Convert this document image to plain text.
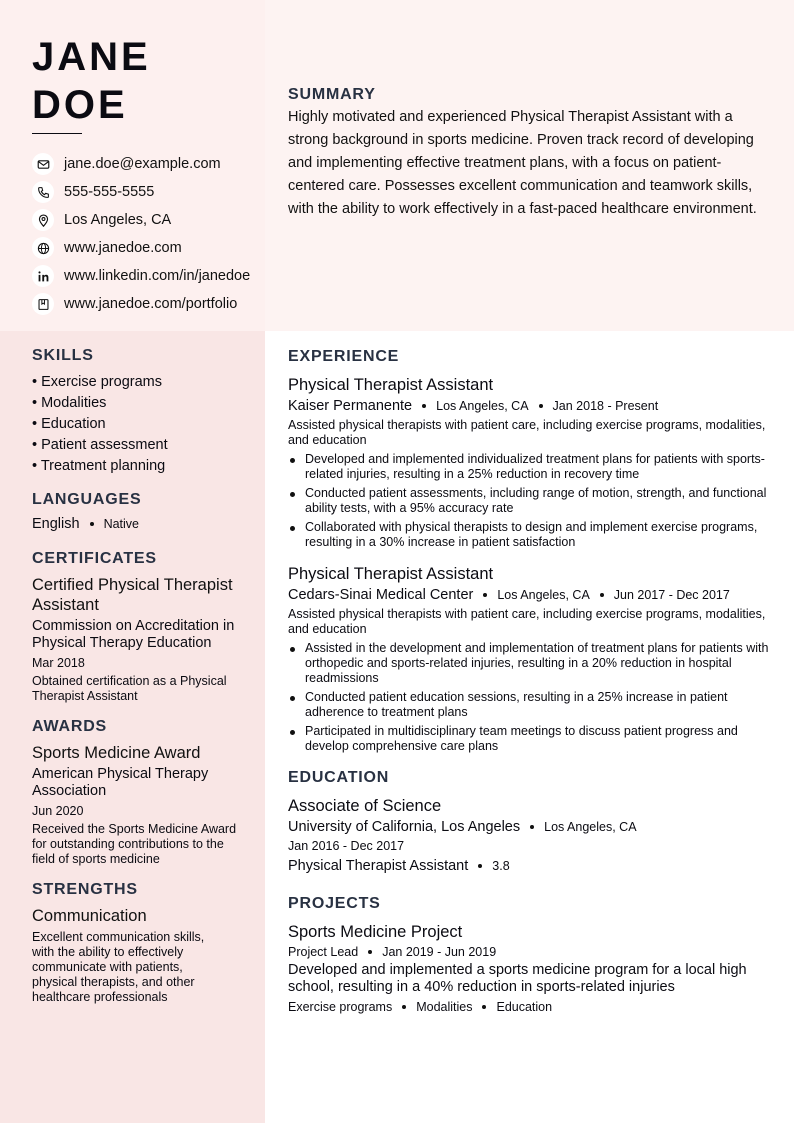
JANE
DOE
jane.doe@example.com
555-555-5555
Los Angeles, CA
www.janedoe.com
www.linkedin.com/in/janedoe
www.janedoe.com/portfolio
SUMMARY
Highly motivated and experienced Physical Therapist Assistant with a strong background in sports medicine. Proven track record of developing and implementing effective treatment plans, with a focus on patient-centered care. Possesses excellent communication and teamwork skills, with the ability to work effectively in a fast-paced healthcare environment.
SKILLS
• Exercise programs
• Modalities
• Education
• Patient assessment
• Treatment planning
LANGUAGES
English Native
CERTIFICATES
Certified Physical Therapist Assistant
Commission on Accreditation in Physical Therapy Education
Mar 2018
Obtained certification as a Physical Therapist Assistant
AWARDS
Sports Medicine Award
American Physical Therapy Association
Jun 2020
Received the Sports Medicine Award for outstanding contributions to the field of sports medicine
STRENGTHS
Communication
Excellent communication skills, with the ability to effectively communicate with patients, physical therapists, and other healthcare professionals
EXPERIENCE
Physical Therapist Assistant
Kaiser Permanente Los Angeles, CA Jan 2018 - Present
Assisted physical therapists with patient care, including exercise programs, modalities, and education
Developed and implemented individualized treatment plans for patients with sports-related injuries, resulting in a 25% reduction in recovery time
Conducted patient assessments, including range of motion, strength, and functional ability tests, with a 95% accuracy rate
Collaborated with physical therapists to design and implement exercise programs, resulting in a 30% increase in patient satisfaction
Physical Therapist Assistant
Cedars-Sinai Medical Center Los Angeles, CA Jun 2017 - Dec 2017
Assisted physical therapists with patient care, including exercise programs, modalities, and education
Assisted in the development and implementation of treatment plans for patients with orthopedic and sports-related injuries, resulting in a 20% reduction in hospital readmissions
Conducted patient education sessions, resulting in a 25% increase in patient adherence to treatment plans
Participated in multidisciplinary team meetings to discuss patient progress and develop comprehensive care plans
EDUCATION
Associate of Science
University of California, Los Angeles Los Angeles, CA
Jan 2016 - Dec 2017
Physical Therapist Assistant 3.8
PROJECTS
Sports Medicine Project
Project Lead Jan 2019 - Jun 2019
Developed and implemented a sports medicine program for a local high school, resulting in a 40% reduction in sports-related injuries
Exercise programs Modalities Education
